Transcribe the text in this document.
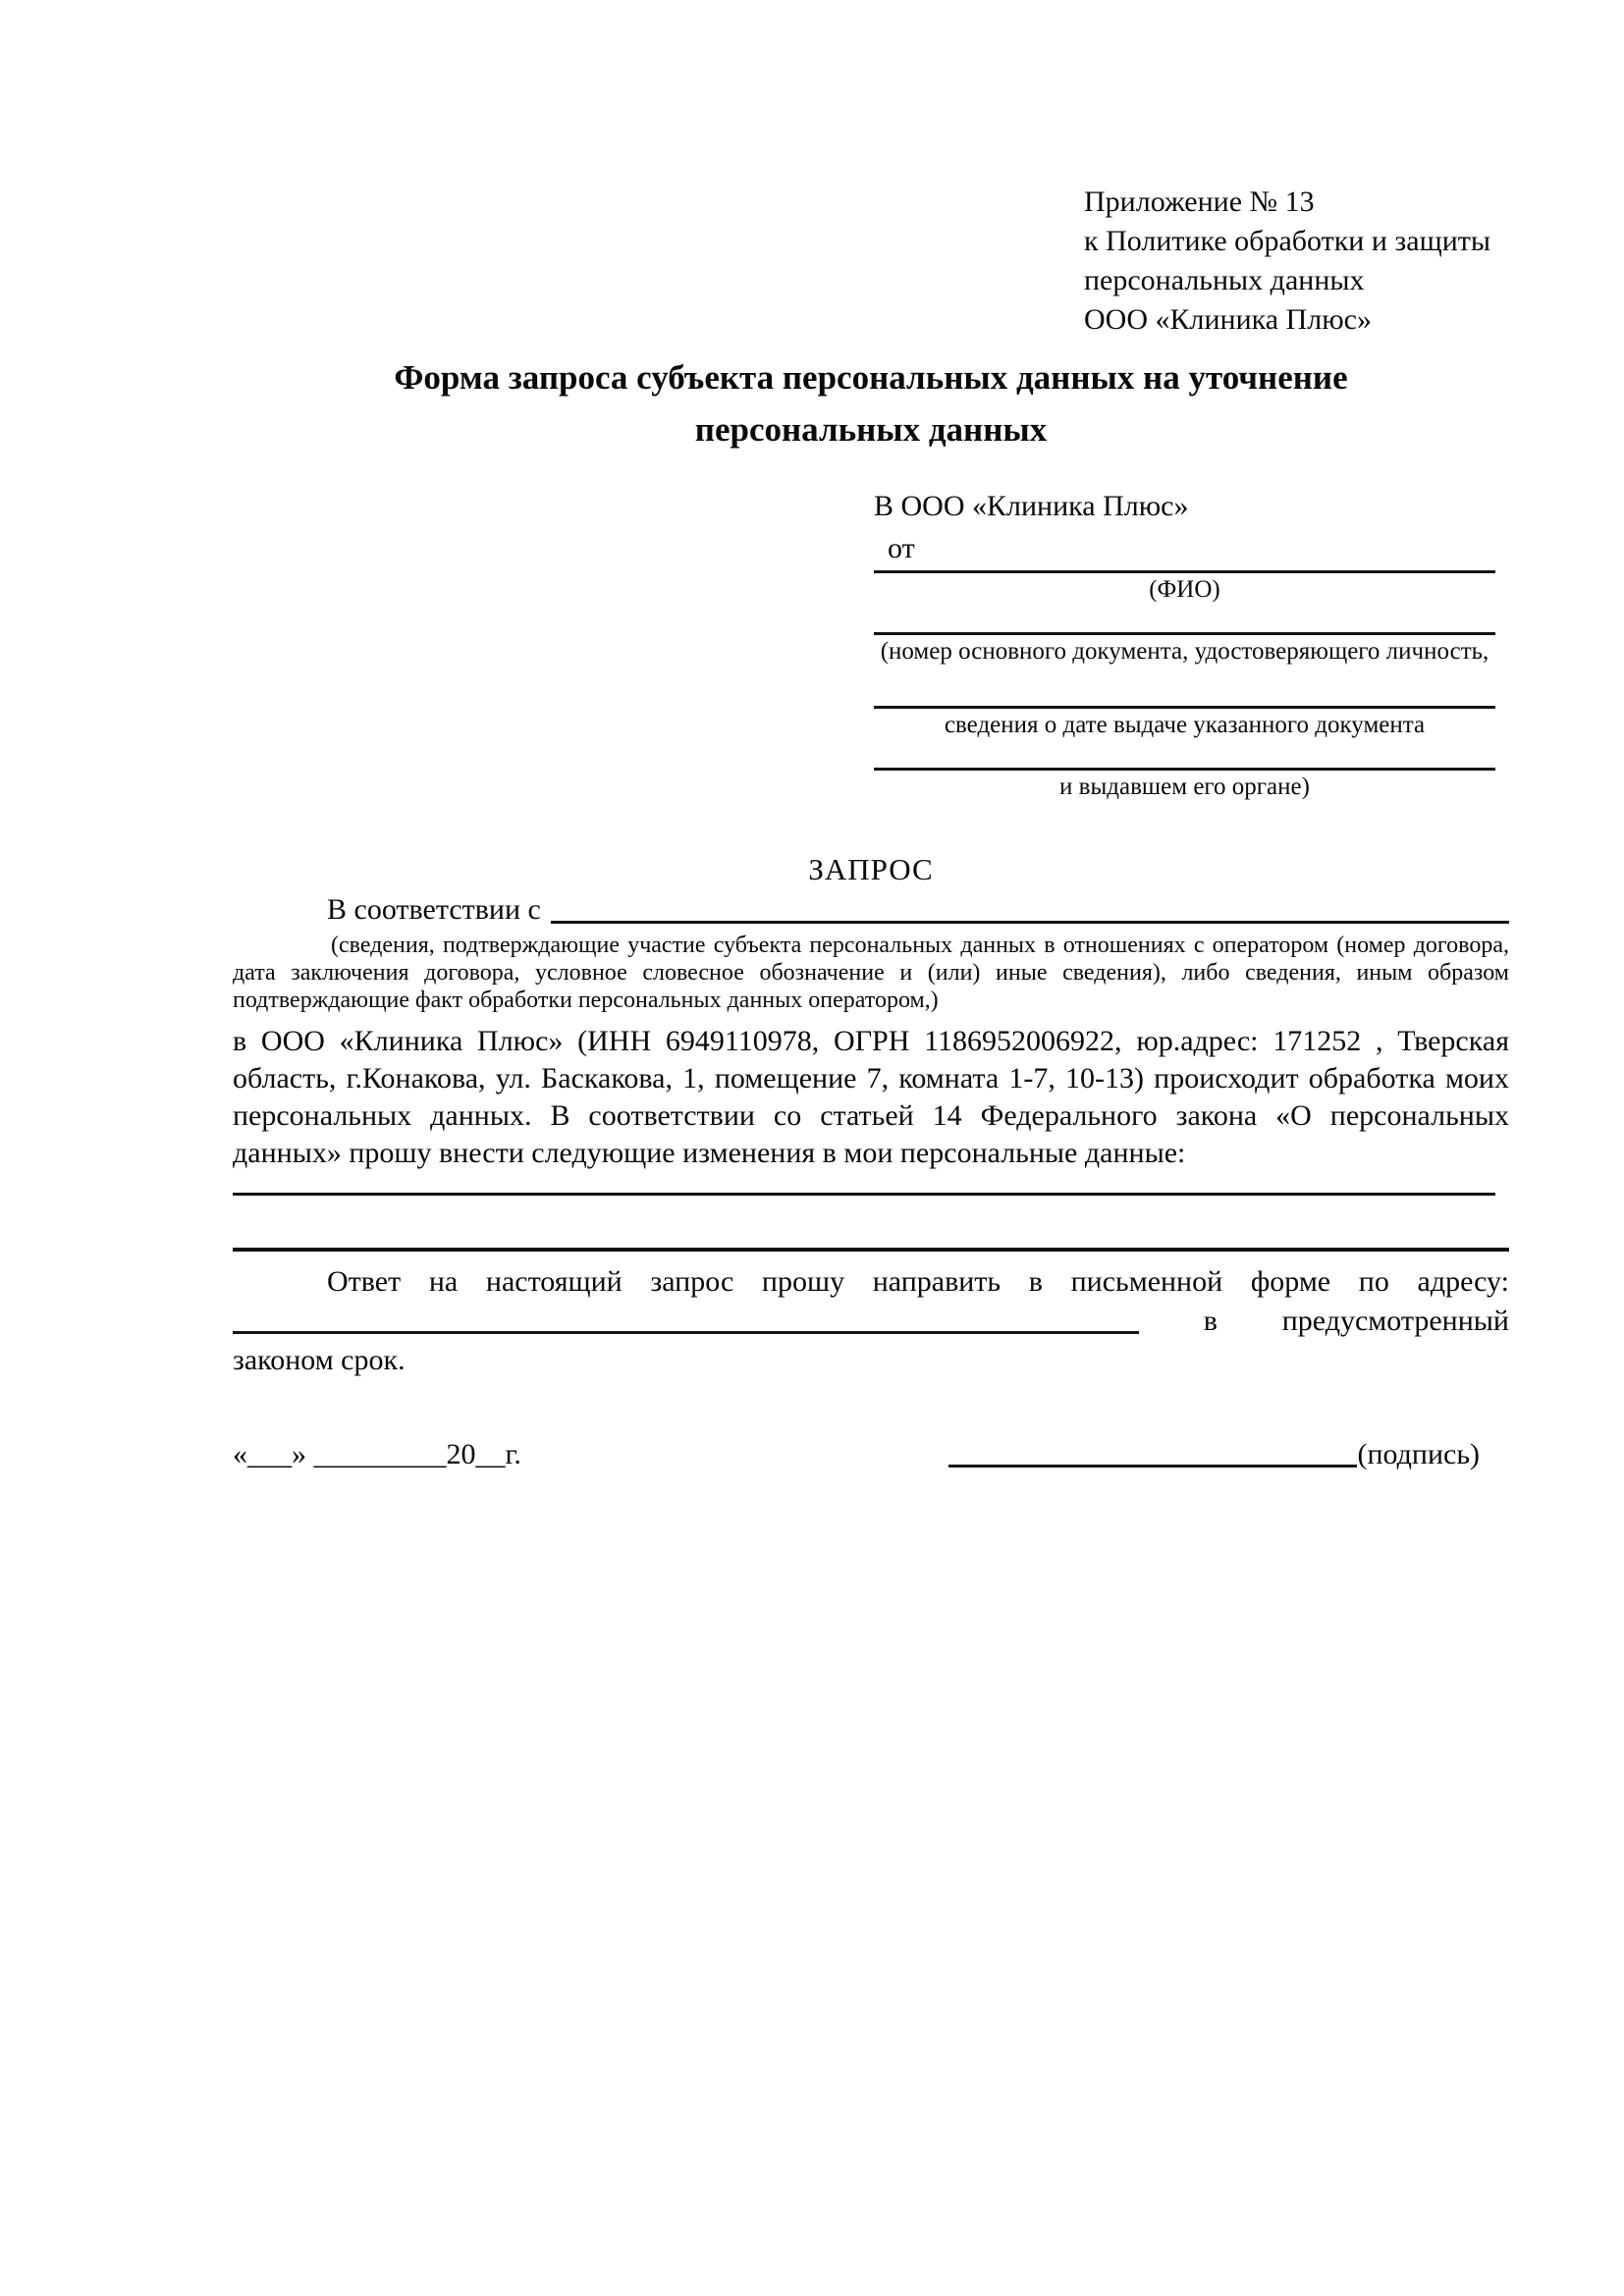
Приложение № 13
к Политике обработки и защиты
персональных данных
ООО «Клиника Плюс»
Форма запроса субъекта персональных данных на уточнение
персональных данных
В ООО «Клиника Плюс»
от
(ФИО)
(номер основного документа, удостоверяющего личность,
сведения о дате выдаче указанного документа
и выдавшем его органе)
ЗАПРОС
В соответствии с

(сведения, подтверждающие участие субъекта персональных данных в отношениях с оператором (номер договора, дата заключения договора, условное словесное обозначение и (или) иные сведения), либо сведения, иным образом подтверждающие факт обработки персональных данных оператором,)

в ООО «Клиника Плюс» (ИНН 6949110978, ОГРН 1186952006922, юр.адрес: 171252 , Тверская область, г.Конакова, ул. Баскакова, 1, помещение 7, комната 1-7, 10-13) происходит обработка моих персональных данных. В соответствии со статьей 14 Федерального закона «О персональных данных» прошу внести следующие изменения в мои персональные данные:

Ответ на настоящий запрос прошу направить в письменной форме по адресу:
в предусмотренный
законом срок.
«___» _________20__г.	(подпись)
